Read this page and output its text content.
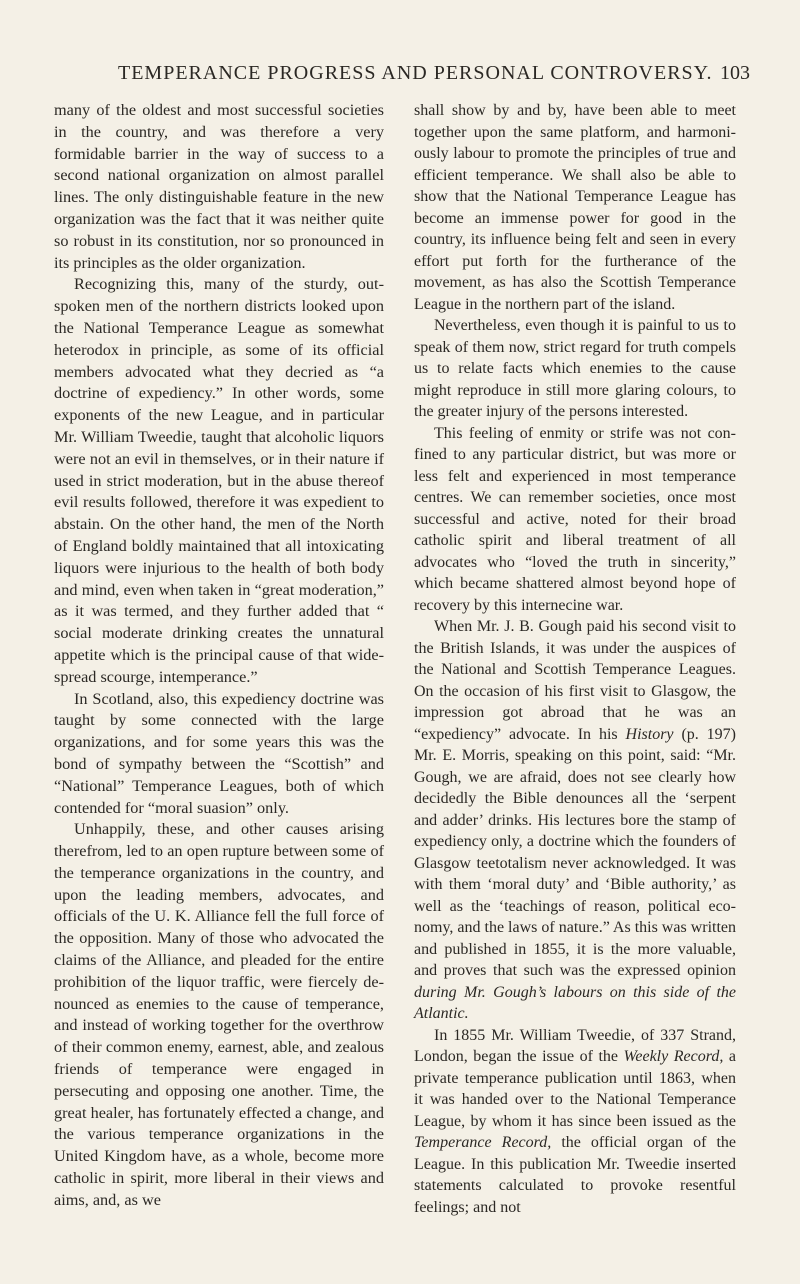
TEMPERANCE PROGRESS AND PERSONAL CONTROVERSY. 103

many of the oldest and most successful societies in the country, and was therefore a very formidable barrier in the way of success to a second national organization on almost parallel lines. The only distinguishable feature in the new organization was the fact that it was neither quite so robust in its constitution, nor so pronounced in its principles as the older organization.

Recognizing this, many of the sturdy, outspoken men of the northern districts looked upon the National Temperance League as somewhat heterodox in principle, as some of its official members advocated what they decried as “a doctrine of expediency.” In other words, some exponents of the new League, and in particular Mr. William Tweedie, taught that alcoholic liquors were not an evil in themselves, or in their nature if used in strict moderation, but in the abuse thereof evil results followed, therefore it was expedient to abstain. On the other hand, the men of the North of England boldly maintained that all intoxicating liquors were injurious to the health of both body and mind, even when taken in “great moderation,” as it was termed, and they further added that “ social moderate drinking creates the unnatural appetite which is the principal cause of that wide-spread scourge, intemperance.”

In Scotland, also, this expediency doctrine was taught by some connected with the large organizations, and for some years this was the bond of sympathy between the “Scottish” and “National” Temperance Leagues, both of which contended for “moral suasion” only.

Unhappily, these, and other causes arising therefrom, led to an open rupture between some of the temperance organizations in the country, and upon the leading members, advocates, and officials of the U. K. Alliance fell the full force of the opposition. Many of those who advocated the claims of the Alliance, and pleaded for the entire prohibition of the liquor traffic, were fiercely denounced as enemies to the cause of temperance, and instead of working together for the overthrow of their common enemy, earnest, able, and zealous friends of temperance were engaged in persecuting and opposing one another. Time, the great healer, has fortunately effected a change, and the various temperance organizations in the United Kingdom have, as a whole, become more catholic in spirit, more liberal in their views and aims, and, as we

shall show by and by, have been able to meet together upon the same platform, and harmoniously labour to promote the principles of true and efficient temperance. We shall also be able to show that the National Temperance League has become an immense power for good in the country, its influence being felt and seen in every effort put forth for the furtherance of the movement, as has also the Scottish Temperance League in the northern part of the island.

Nevertheless, even though it is painful to us to speak of them now, strict regard for truth compels us to relate facts which enemies to the cause might reproduce in still more glaring colours, to the greater injury of the persons interested.

This feeling of enmity or strife was not confined to any particular district, but was more or less felt and experienced in most temperance centres. We can remember societies, once most successful and active, noted for their broad catholic spirit and liberal treatment of all advocates who “loved the truth in sincerity,” which became shattered almost beyond hope of recovery by this internecine war.

When Mr. J. B. Gough paid his second visit to the British Islands, it was under the auspices of the National and Scottish Temperance Leagues. On the occasion of his first visit to Glasgow, the impression got abroad that he was an “expediency” advocate. In his History (p. 197) Mr. E. Morris, speaking on this point, said: “Mr. Gough, we are afraid, does not see clearly how decidedly the Bible denounces all the ‘serpent and adder’ drinks. His lectures bore the stamp of expediency only, a doctrine which the founders of Glasgow teetotalism never acknowledged. It was with them ‘moral duty’ and ‘Bible authority,’ as well as the ‘teachings of reason, political economy, and the laws of nature.” As this was written and published in 1855, it is the more valuable, and proves that such was the expressed opinion during Mr. Gough’s labours on this side of the Atlantic.

In 1855 Mr. William Tweedie, of 337 Strand, London, began the issue of the Weekly Record, a private temperance publication until 1863, when it was handed over to the National Temperance League, by whom it has since been issued as the Temperance Record, the official organ of the League. In this publication Mr. Tweedie inserted statements calculated to provoke resentful feelings; and not
